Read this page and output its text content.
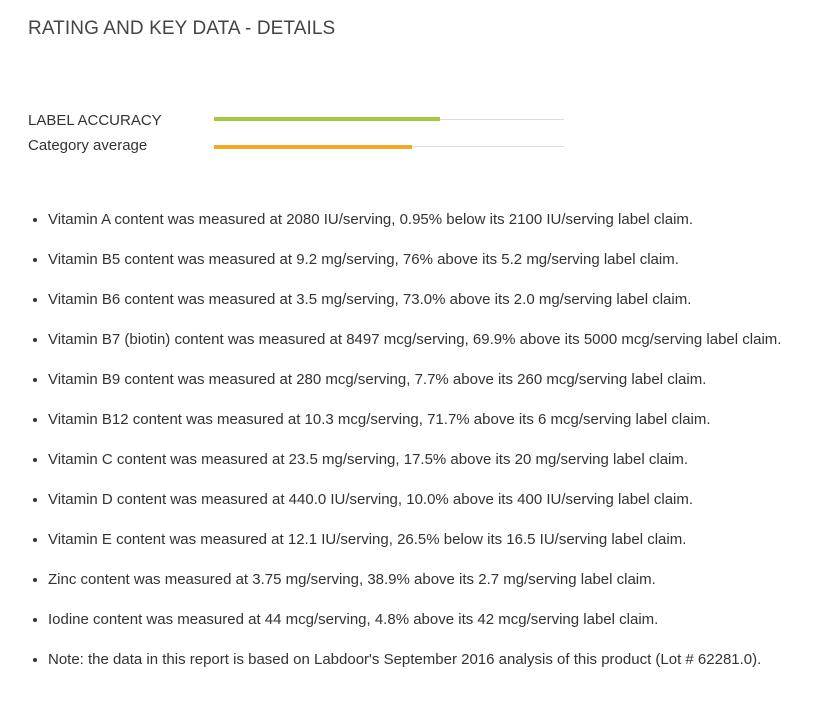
RATING AND KEY DATA - DETAILS
LABEL ACCURACY
Category average
• Vitamin A content was measured at 2080 IU/serving, 0.95% below its 2100 IU/serving label claim.
• Vitamin B5 content was measured at 9.2 mg/serving, 76% above its 5.2 mg/serving label claim.
• Vitamin B6 content was measured at 3.5 mg/serving, 73.0% above its 2.0 mg/serving label claim.
• Vitamin B7 (biotin) content was measured at 8497 mcg/serving, 69.9% above its 5000 mcg/serving label claim.
• Vitamin B9 content was measured at 280 mcg/serving, 7.7% above its 260 mcg/serving label claim.
• Vitamin B12 content was measured at 10.3 mcg/serving, 71.7% above its 6 mcg/serving label claim.
• Vitamin C content was measured at 23.5 mg/serving, 17.5% above its 20 mg/serving label claim.
• Vitamin D content was measured at 440.0 IU/serving, 10.0% above its 400 IU/serving label claim.
• Vitamin E content was measured at 12.1 IU/serving, 26.5% below its 16.5 IU/serving label claim.
• Zinc content was measured at 3.75 mg/serving, 38.9% above its 2.7 mg/serving label claim.
• Iodine content was measured at 44 mcg/serving, 4.8% above its 42 mcg/serving label claim.
• Note: the data in this report is based on Labdoor's September 2016 analysis of this product (Lot # 62281.0).
